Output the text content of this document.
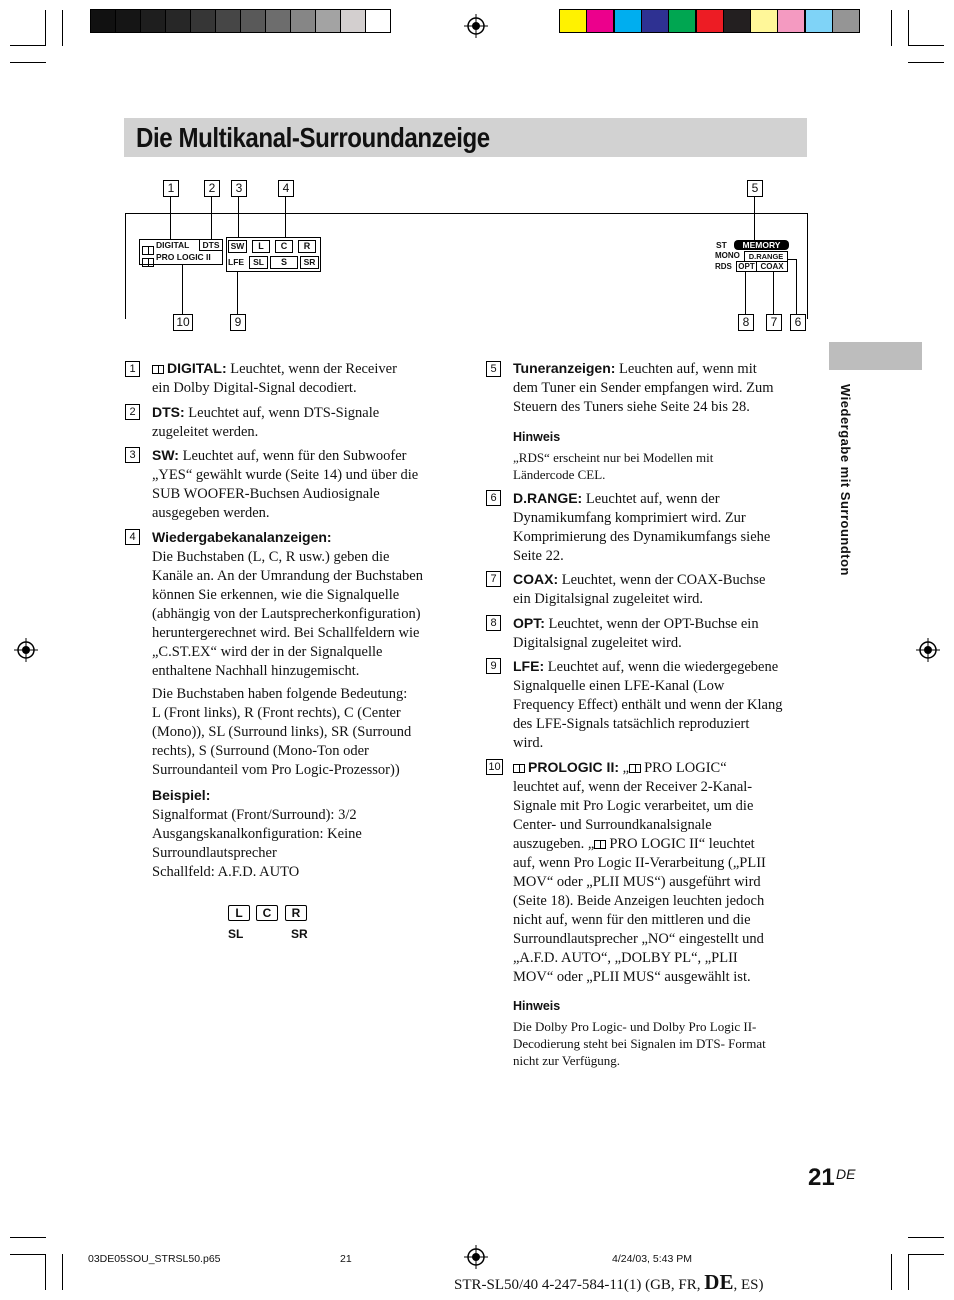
Die Multikanal-Surroundanzeige
1	2	3	4	5
10	9	8	7	6
DIGITAL	DTS
PRO LOGIC II
SW
LFE
L	C	R
SL	S	SR
ST	MEMORY
MONO	D.RANGE
RDS OPT COAX
1	DIGITAL: Leuchtet, wenn der Receiver
ein Dolby Digital-Signal decodiert.
2	DTS: Leuchtet auf, wenn DTS-Signale
zugeleitet werden.
3	SW: Leuchtet auf, wenn für den Subwoofer
„YES“ gewählt wurde (Seite 14) und über die
SUB WOOFER-Buchsen Audiosignale
ausgegeben werden.
4	Wiedergabekanalanzeigen:
Die Buchstaben (L, C, R usw.) geben die
Kanäle an. An der Umrandung der Buchstaben
können Sie erkennen, wie die Signalquelle
(abhängig von der Lautsprecherkonfiguration)
heruntergerechnet wird. Bei Schallfeldern wie
„C.ST.EX“ wird der in der Signalquelle
enthaltene Nachhall hinzugemischt.
Die Buchstaben haben folgende Bedeutung:
L (Front links), R (Front rechts), C (Center
(Mono)), SL (Surround links), SR (Surround
rechts), S (Surround (Mono-Ton oder
Surroundanteil vom Pro Logic-Prozessor))
Beispiel:
Signalformat (Front/Surround): 3/2
Ausgangskanalkonfiguration: Keine
Surroundlautsprecher
Schallfeld: A.F.D. AUTO
L	C	R
SL	SR
5	Tuneranzeigen: Leuchten auf, wenn mit
dem Tuner ein Sender empfangen wird. Zum
Steuern des Tuners siehe Seite 24 bis 28.
Hinweis
„RDS“ erscheint nur bei Modellen mit
Ländercode CEL.
6	D.RANGE: Leuchtet auf, wenn der
Dynamikumfang komprimiert wird. Zur
Komprimierung des Dynamikumfangs siehe
Seite 22.
7	COAX: Leuchtet, wenn der COAX-Buchse
ein Digitalsignal zugeleitet wird.
8	OPT: Leuchtet, wenn der OPT-Buchse ein
Digitalsignal zugeleitet wird.
9	LFE: Leuchtet auf, wenn die wiedergegebene
Signalquelle einen LFE-Kanal (Low
Frequency Effect) enthält und wenn der Klang
des LFE-Signals tatsächlich reproduziert
wird.
10	PROLOGIC II: „ PRO LOGIC“
leuchtet auf, wenn der Receiver 2-Kanal-
Signale mit Pro Logic verarbeitet, um die
Center- und Surroundkanalsignale
auszugeben. „ PRO LOGIC II“ leuchtet
auf, wenn Pro Logic II-Verarbeitung („PLII
MOV“ oder „PLII MUS“) ausgeführt wird
(Seite 18). Beide Anzeigen leuchten jedoch
nicht auf, wenn für den mittleren und die
Surroundlautsprecher „NO“ eingestellt und
„A.F.D. AUTO“, „DOLBY PL“, „PLII
MOV“ oder „PLII MUS“ ausgewählt ist.
Hinweis
Die Dolby Pro Logic- und Dolby Pro Logic II-
Decodierung steht bei Signalen im DTS- Format
nicht zur Verfügung.
Wiedergabe mit Surroundton
21 DE
03DE05SOU_STRSL50.p65	21	4/24/03, 5:43 PM
STR-SL50/40 4-247-584-11(1) (GB, FR, DE, ES)
